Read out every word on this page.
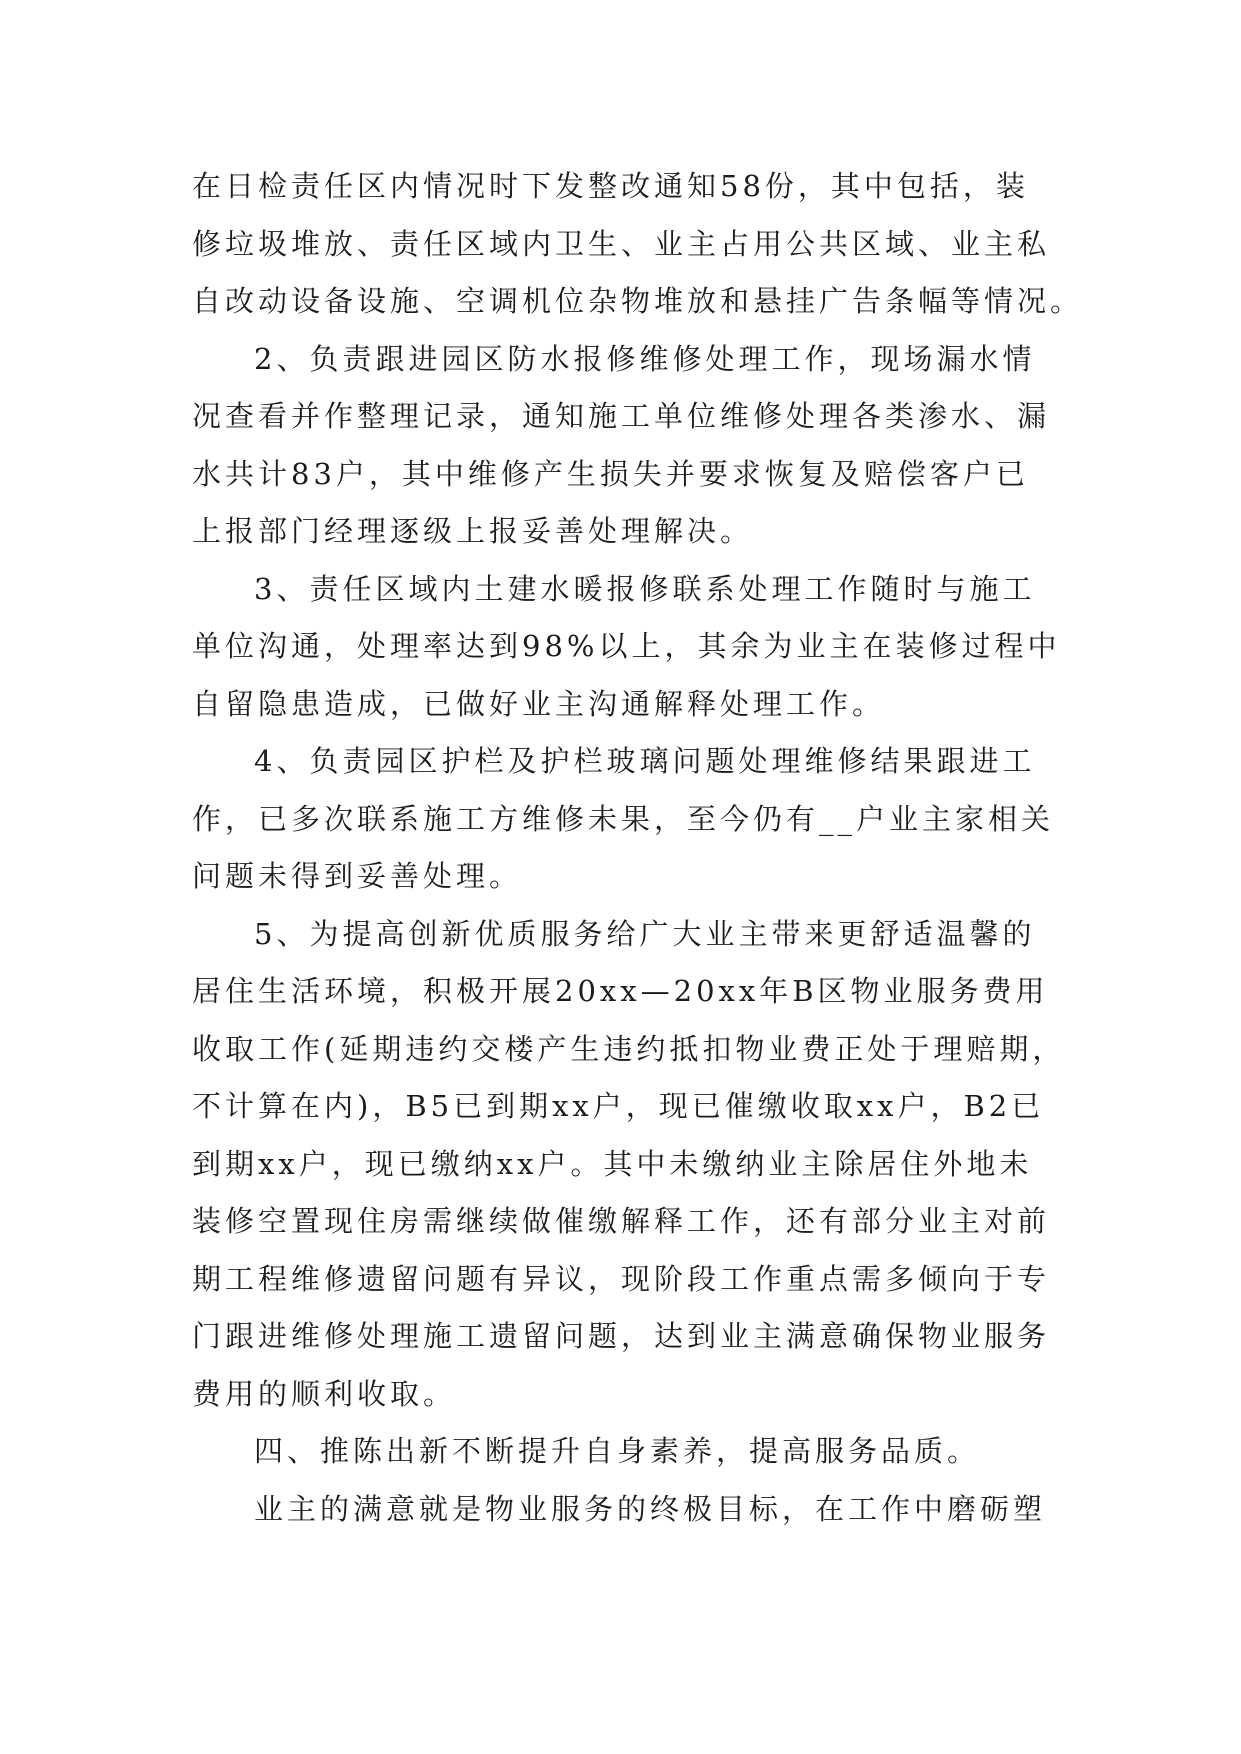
在日检责任区内情况时下发整改通知58份，其中包括，装

修垃圾堆放、责任区域内卫生、业主占用公共区域、业主私

自改动设备设施、空调机位杂物堆放和悬挂广告条幅等情况。

2、负责跟进园区防水报修维修处理工作，现场漏水情

况查看并作整理记录，通知施工单位维修处理各类渗水、漏

水共计83户，其中维修产生损失并要求恢复及赔偿客户已

上报部门经理逐级上报妥善处理解决。

3、责任区域内土建水暖报修联系处理工作随时与施工

单位沟通，处理率达到98%以上，其余为业主在装修过程中

自留隐患造成，已做好业主沟通解释处理工作。

4、负责园区护栏及护栏玻璃问题处理维修结果跟进工

作，已多次联系施工方维修未果，至今仍有__户业主家相关

问题未得到妥善处理。

5、为提高创新优质服务给广大业主带来更舒适温馨的

居住生活环境，积极开展20xx—20xx年B区物业服务费用

收取工作(延期违约交楼产生违约抵扣物业费正处于理赔期，

不计算在内)，B5已到期xx户，现已催缴收取xx户，B2已

到期xx户，现已缴纳xx户。其中未缴纳业主除居住外地未

装修空置现住房需继续做催缴解释工作，还有部分业主对前

期工程维修遗留问题有异议，现阶段工作重点需多倾向于专

门跟进维修处理施工遗留问题，达到业主满意确保物业服务

费用的顺利收取。

四、推陈出新不断提升自身素养，提高服务品质。

业主的满意就是物业服务的终极目标，在工作中磨砺塑
